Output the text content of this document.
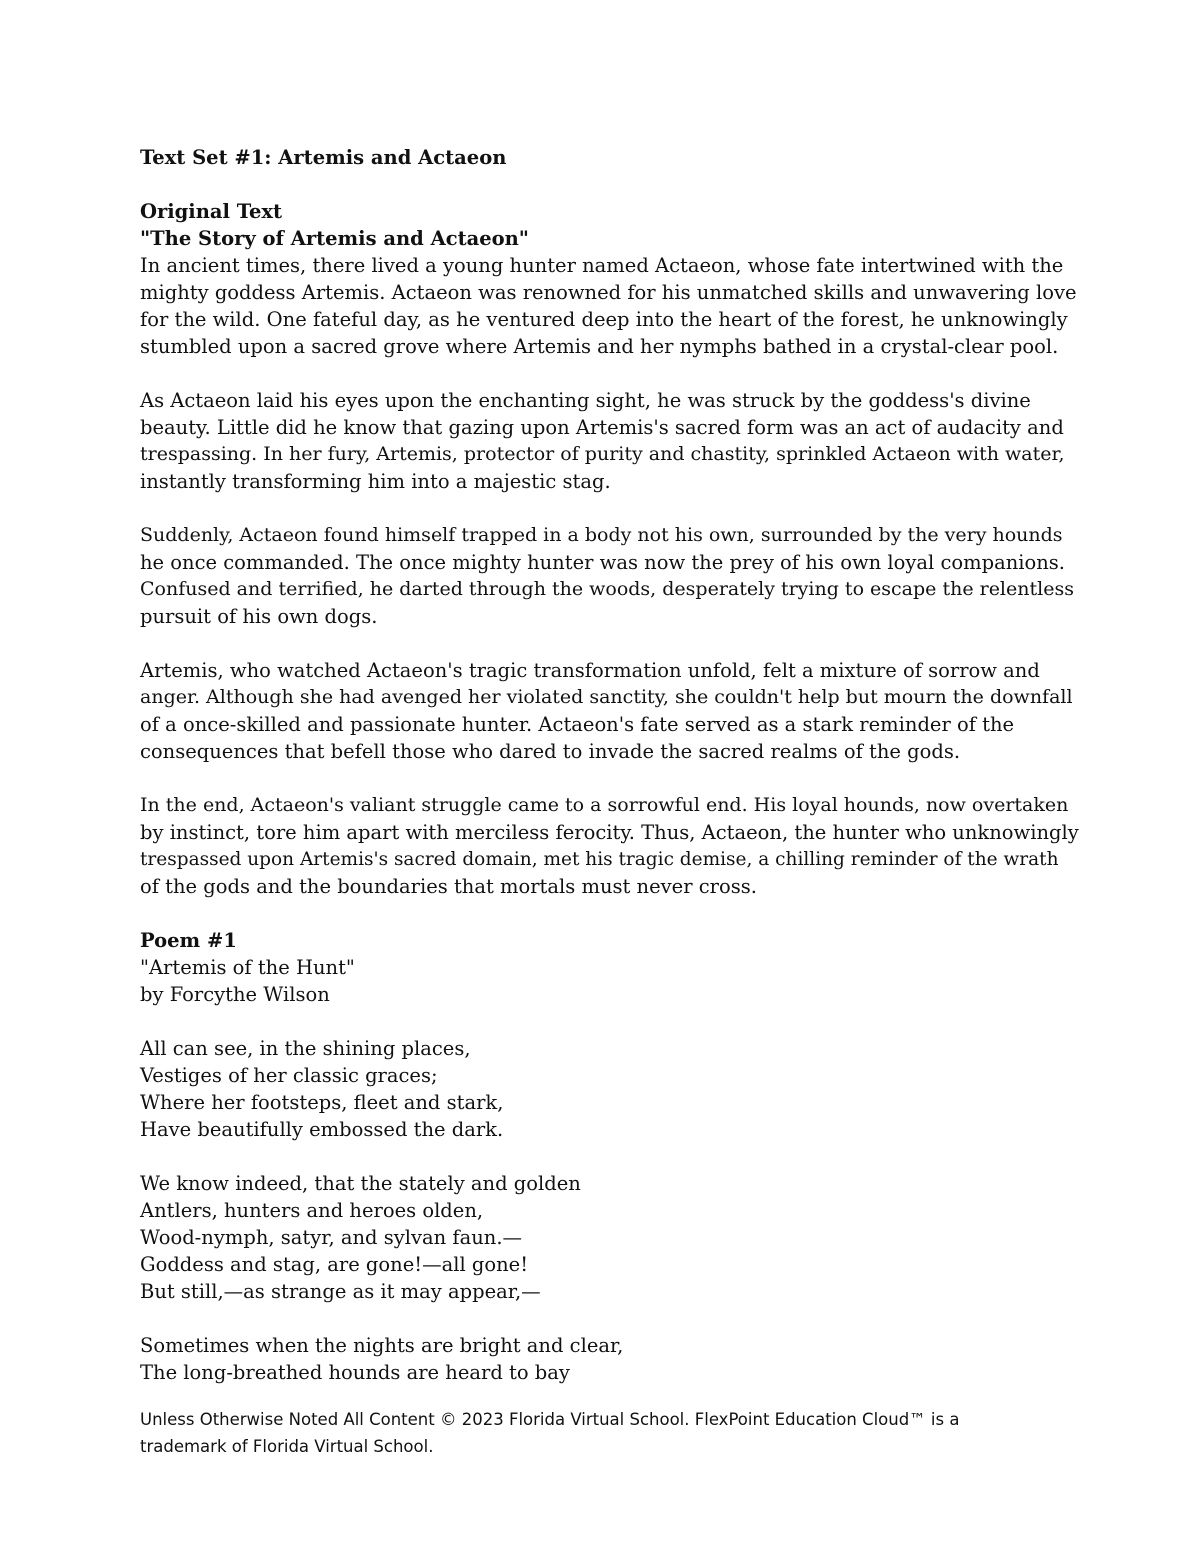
Text Set #1: Artemis and Actaeon
Original Text
"The Story of Artemis and Actaeon"
In ancient times, there lived a young hunter named Actaeon, whose fate intertwined with the
mighty goddess Artemis. Actaeon was renowned for his unmatched skills and unwavering love
for the wild. One fateful day, as he ventured deep into the heart of the forest, he unknowingly
stumbled upon a sacred grove where Artemis and her nymphs bathed in a crystal-clear pool.
As Actaeon laid his eyes upon the enchanting sight, he was struck by the goddess's divine
beauty. Little did he know that gazing upon Artemis's sacred form was an act of audacity and
trespassing. In her fury, Artemis, protector of purity and chastity, sprinkled Actaeon with water,
instantly transforming him into a majestic stag.
Suddenly, Actaeon found himself trapped in a body not his own, surrounded by the very hounds
he once commanded. The once mighty hunter was now the prey of his own loyal companions.
Confused and terrified, he darted through the woods, desperately trying to escape the relentless
pursuit of his own dogs.
Artemis, who watched Actaeon's tragic transformation unfold, felt a mixture of sorrow and
anger. Although she had avenged her violated sanctity, she couldn't help but mourn the downfall
of a once-skilled and passionate hunter. Actaeon's fate served as a stark reminder of the
consequences that befell those who dared to invade the sacred realms of the gods.
In the end, Actaeon's valiant struggle came to a sorrowful end. His loyal hounds, now overtaken
by instinct, tore him apart with merciless ferocity. Thus, Actaeon, the hunter who unknowingly
trespassed upon Artemis's sacred domain, met his tragic demise, a chilling reminder of the wrath
of the gods and the boundaries that mortals must never cross.
Poem #1
"Artemis of the Hunt"
by Forcythe Wilson
All can see, in the shining places,
Vestiges of her classic graces;
Where her footsteps, fleet and stark,
Have beautifully embossed the dark.
We know indeed, that the stately and golden
Antlers, hunters and heroes olden,
Wood-nymph, satyr, and sylvan faun.—
Goddess and stag, are gone!—all gone!
But still,—as strange as it may appear,—
Sometimes when the nights are bright and clear,
The long-breathed hounds are heard to bay
Unless Otherwise Noted All Content © 2023 Florida Virtual School. FlexPoint Education Cloud™ is a
trademark of Florida Virtual School.
